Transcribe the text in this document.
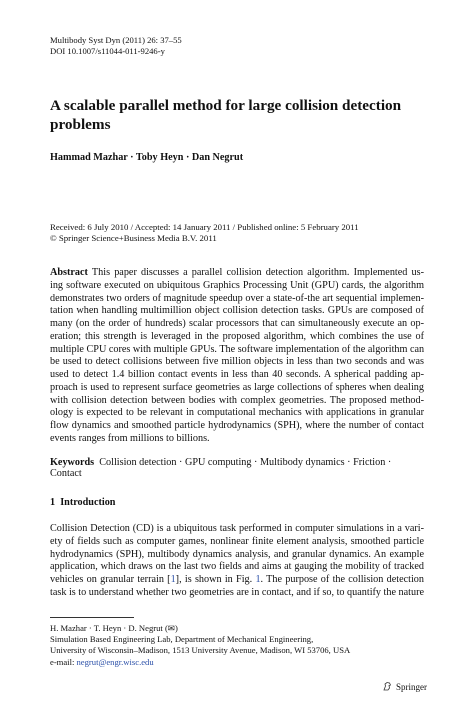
Multibody Syst Dyn (2011) 26: 37–55
DOI 10.1007/s11044-011-9246-y
A scalable parallel method for large collision detection
problems
Hammad Mazhar · Toby Heyn · Dan Negrut
Received: 6 July 2010 / Accepted: 14 January 2011 / Published online: 5 February 2011
© Springer Science+Business Media B.V. 2011
Abstract This paper discusses a parallel collision detection algorithm. Implemented us-
ing software executed on ubiquitous Graphics Processing Unit (GPU) cards, the algorithm
demonstrates two orders of magnitude speedup over a state-of-the art sequential implemen-
tation when handling multimillion object collision detection tasks. GPUs are composed of
many (on the order of hundreds) scalar processors that can simultaneously execute an op-
eration; this strength is leveraged in the proposed algorithm, which combines the use of
multiple CPU cores with multiple GPUs. The software implementation of the algorithm can
be used to detect collisions between five million objects in less than two seconds and was
used to detect 1.4 billion contact events in less than 40 seconds. A spherical padding ap-
proach is used to represent surface geometries as large collections of spheres when dealing
with collision detection between bodies with complex geometries. The proposed method-
ology is expected to be relevant in computational mechanics with applications in granular
flow dynamics and smoothed particle hydrodynamics (SPH), where the number of contact
events ranges from millions to billions.
Keywords Collision detection · GPU computing · Multibody dynamics · Friction · Contact
1 Introduction
Collision Detection (CD) is a ubiquitous task performed in computer simulations in a vari-
ety of fields such as computer games, nonlinear finite element analysis, smoothed particle
hydrodynamics (SPH), multibody dynamics analysis, and granular dynamics. An example
application, which draws on the last two fields and aims at gauging the mobility of tracked
vehicles on granular terrain [1], is shown in Fig. 1. The purpose of the collision detection
task is to understand whether two geometries are in contact, and if so, to quantify the nature
H. Mazhar · T. Heyn · D. Negrut (✉)
Simulation Based Engineering Lab, Department of Mechanical Engineering,
University of Wisconsin–Madison, 1513 University Avenue, Madison, WI 53706, USA
e-mail: negrut@engr.wisc.edu
Springer
